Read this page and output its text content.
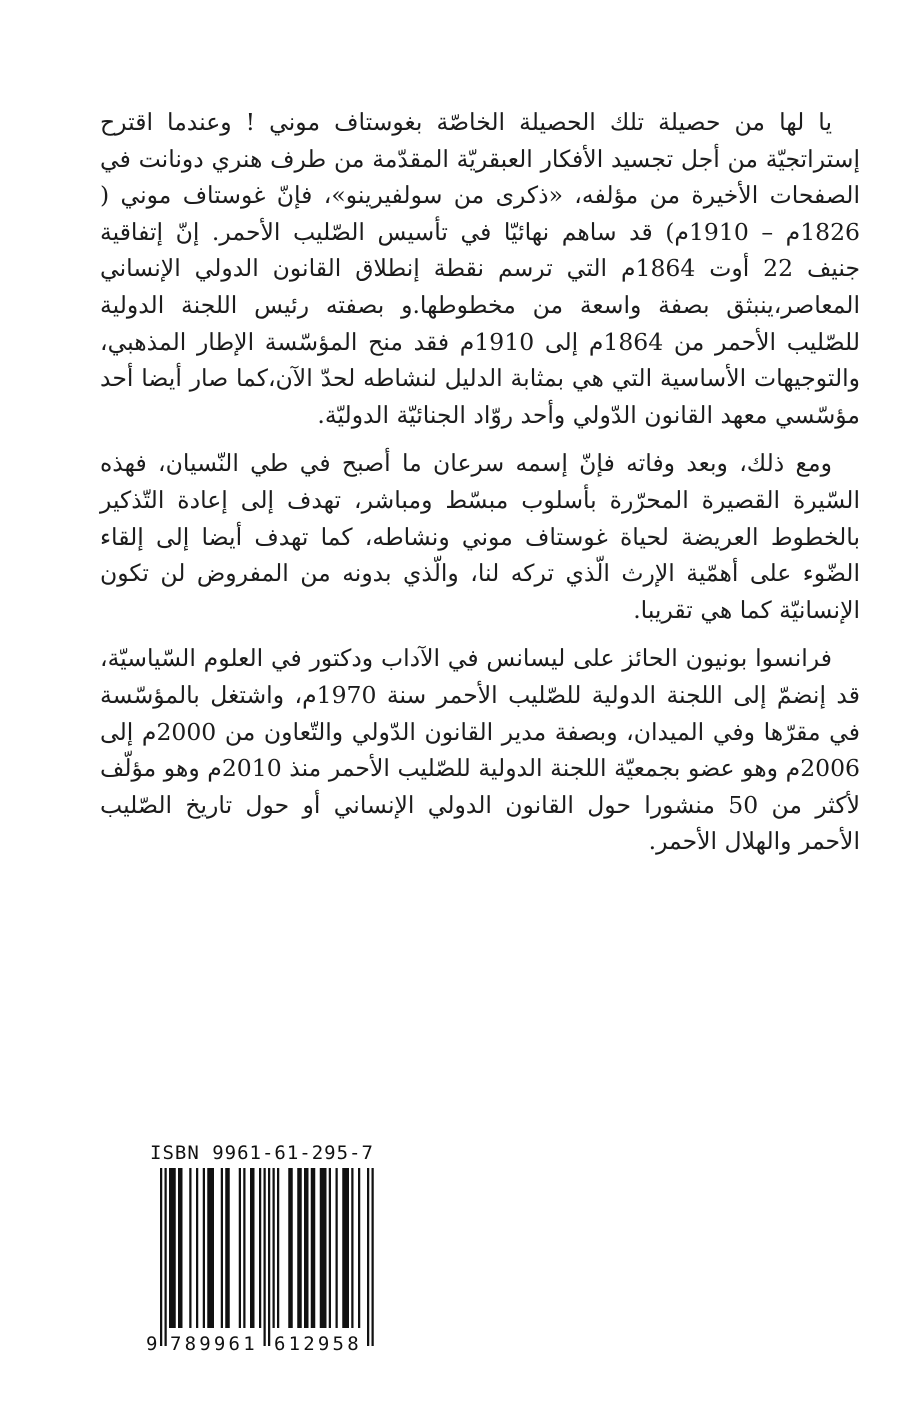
يا لها من حصيلة تلك الحصيلة الخاصّة بغوستاف موني ! وعندما اقترح إستراتجيّة من أجل تجسيد الأفكار العبقريّة المقدّمة من طرف هنري دونانت في الصفحات الأخيرة من مؤلفه، «ذكرى من سولفيرينو»، فإنّ غوستاف موني ( 1826م – 1910م) قد ساهم نهائيّا في تأسيس الصّليب الأحمر. إنّ إتفاقية جنيف 22 أوت 1864م التي ترسم نقطة إنطلاق القانون الدولي الإنساني المعاصر،ينبثق بصفة واسعة من مخطوطها.و بصفته رئيس اللجنة الدولية للصّليب الأحمر من 1864م إلى 1910م فقد منح المؤسّسة الإطار المذهبي، والتوجيهات الأساسية التي هي بمثابة الدليل لنشاطه لحدّ الآن،كما صار أيضا أحد مؤسّسي معهد القانون الدّولي وأحد روّاد الجنائيّة الدوليّة.

ومع ذلك، وبعد وفاته فإنّ إسمه سرعان ما أصبح في طي النّسيان، فهذه السّيرة القصيرة المحرّرة بأسلوب مبسّط ومباشر، تهدف إلى إعادة التّذكير بالخطوط العريضة لحياة غوستاف موني ونشاطه، كما تهدف أيضا إلى إلقاء الضّوء على أهمّية الإرث الّذي تركه لنا، والّذي بدونه من المفروض لن تكون الإنسانيّة كما هي تقريبا.

فرانسوا بونيون الحائز على ليسانس في الآداب ودكتور في العلوم السّياسيّة، قد إنضمّ إلى اللجنة الدولية للصّليب الأحمر سنة 1970م، واشتغل بالمؤسّسة في مقرّها وفي الميدان، وبصفة مدير القانون الدّولي والتّعاون من 2000م إلى 2006م وهو عضو بجمعيّة اللجنة الدولية للصّليب الأحمر منذ 2010م وهو مؤلّف لأكثر من 50 منشورا حول القانون الدولي الإنساني أو حول تاريخ الصّليب الأحمر والهلال الأحمر.

ISBN 9961-61-295-7
9 789961 612958
